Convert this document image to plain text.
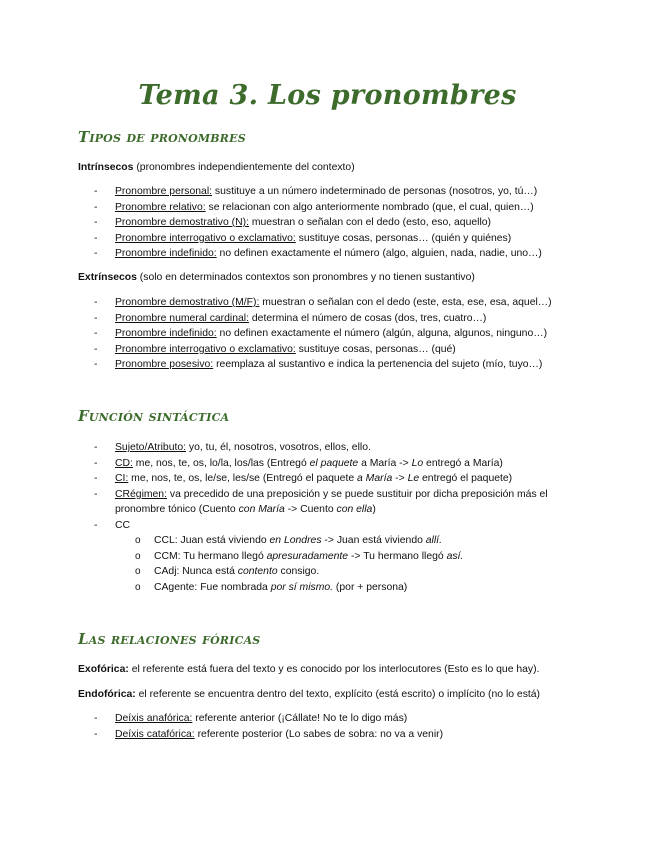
Tema 3. Los pronombres
Tipos de pronombres
Intrínsecos (pronombres independientemente del contexto)
- Pronombre personal: sustituye a un número indeterminado de personas (nosotros, yo, tú…)
- Pronombre relativo: se relacionan con algo anteriormente nombrado (que, el cual, quien…)
- Pronombre demostrativo (N): muestran o señalan con el dedo (esto, eso, aquello)
- Pronombre interrogativo o exclamativo: sustituye cosas, personas… (quién y quiénes)
- Pronombre indefinido: no definen exactamente el número (algo, alguien, nada, nadie, uno…)
Extrínsecos (solo en determinados contextos son pronombres y no tienen sustantivo)
- Pronombre demostrativo (M/F): muestran o señalan con el dedo (este, esta, ese, esa, aquel…)
- Pronombre numeral cardinal: determina el número de cosas (dos, tres, cuatro…)
- Pronombre indefinido: no definen exactamente el número (algún, alguna, algunos, ninguno…)
- Pronombre interrogativo o exclamativo: sustituye cosas, personas… (qué)
- Pronombre posesivo: reemplaza al sustantivo e indica la pertenencia del sujeto (mío, tuyo…)
Función sintáctica
- Sujeto/Atributo: yo, tu, él, nosotros, vosotros, ellos, ello.
- CD: me, nos, te, os, lo/la, los/las (Entregó el paquete a María -> Lo entregó a María)
- CI: me, nos, te, os, le/se, les/se (Entregó el paquete a María -> Le entregó el paquete)
- CRégimen: va precedido de una preposición y se puede sustituir por dicha preposición más el pronombre tónico (Cuento con María -> Cuento con ella)
- CC
o CCL: Juan está viviendo en Londres -> Juan está viviendo allí.
o CCM: Tu hermano llegó apresuradamente -> Tu hermano llegó así.
o CAdj: Nunca está contento consigo.
o CAgente: Fue nombrada por sí mismo. (por + persona)
Las relaciones fóricas
Exofórica: el referente está fuera del texto y es conocido por los interlocutores (Esto es lo que hay).
Endofórica: el referente se encuentra dentro del texto, explícito (está escrito) o implícito (no lo está)
- Deíxis anafórica: referente anterior (¡Cállate! No te lo digo más)
- Deíxis catafórica: referente posterior (Lo sabes de sobra: no va a venir)
